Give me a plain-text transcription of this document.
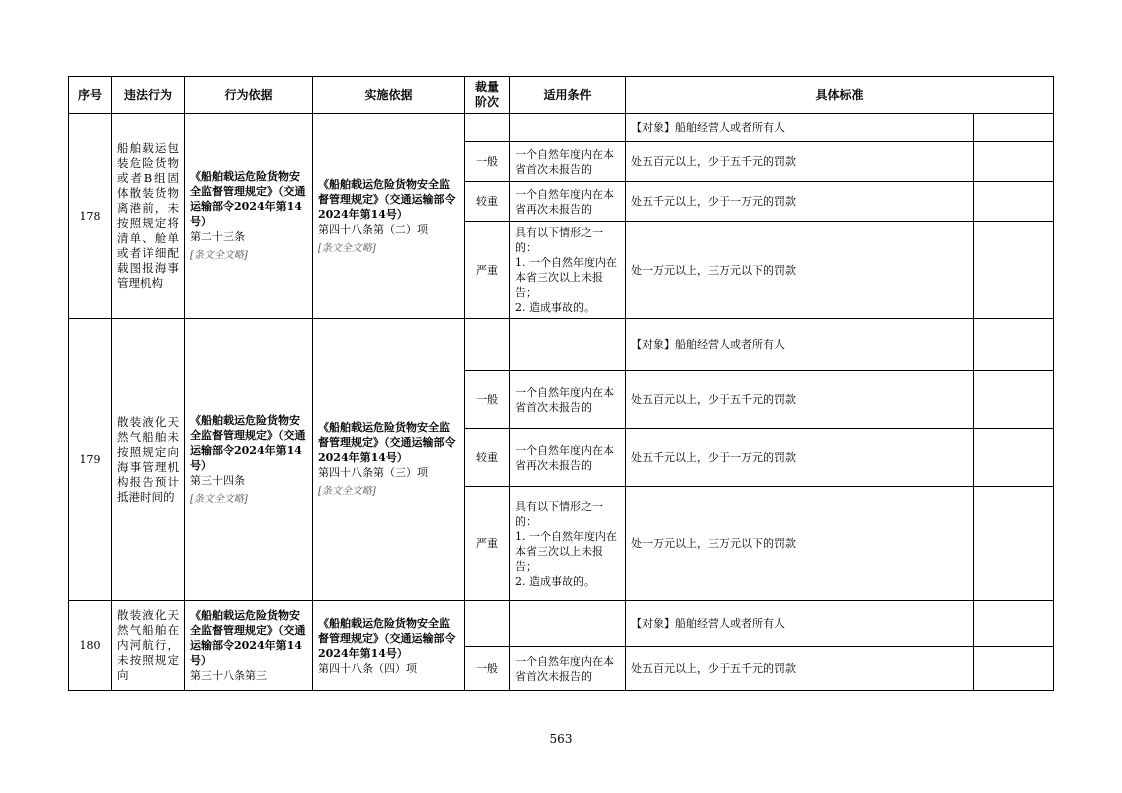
序号	违法行为	行为依据	实施依据	裁量阶次	适用条件	具体标准	
178	船舶载运包装危险货物或者B组固体散装货物离港前，未按照规定将清单、舱单或者详细配载图报海事管理机构	《船舶载运危险货物安全监督管理规定》（交通运输部令2024年第14号）
第二十三条
[条文全文略]	《船舶载运危险货物安全监督管理规定》（交通运输部令2024年第14号）
第四十八条第（二）项
[条文全文略]			【对象】船舶经营人或者所有人	
				一般	一个自然年度内在本省首次未报告的	处五百元以上，少于五千元的罚款	
				较重	一个自然年度内在本省再次未报告的	处五千元以上，少于一万元的罚款	
				严重	具有以下情形之一的：
1. 一个自然年度内在本省三次以上未报告；
2. 造成事故的。	处一万元以上，三万元以下的罚款	
179	散装液化天然气船舶未按照规定向海事管理机构报告预计抵港时间的	《船舶载运危险货物安全监督管理规定》（交通运输部令2024年第14号）
第三十四条
[条文全文略]	《船舶载运危险货物安全监督管理规定》（交通运输部令2024年第14号）
第四十八条第（三）项
[条文全文略]			【对象】船舶经营人或者所有人	
				一般	一个自然年度内在本省首次未报告的	处五百元以上，少于五千元的罚款	
				较重	一个自然年度内在本省再次未报告的	处五千元以上，少于一万元的罚款	
				严重	具有以下情形之一的：
1. 一个自然年度内在本省三次以上未报告；
2. 造成事故的。	处一万元以上，三万元以下的罚款	
180	散装液化天然气船舶在内河航行，未按照规定向	《船舶载运危险货物安全监督管理规定》（交通运输部令2024年第14号）
第三十八条第三	《船舶载运危险货物安全监督管理规定》（交通运输部令2024年第14号）
第四十八条（四）项			【对象】船舶经营人或者所有人	
				一般	一个自然年度内在本省首次未报告的	处五百元以上，少于五千元的罚款	
563
